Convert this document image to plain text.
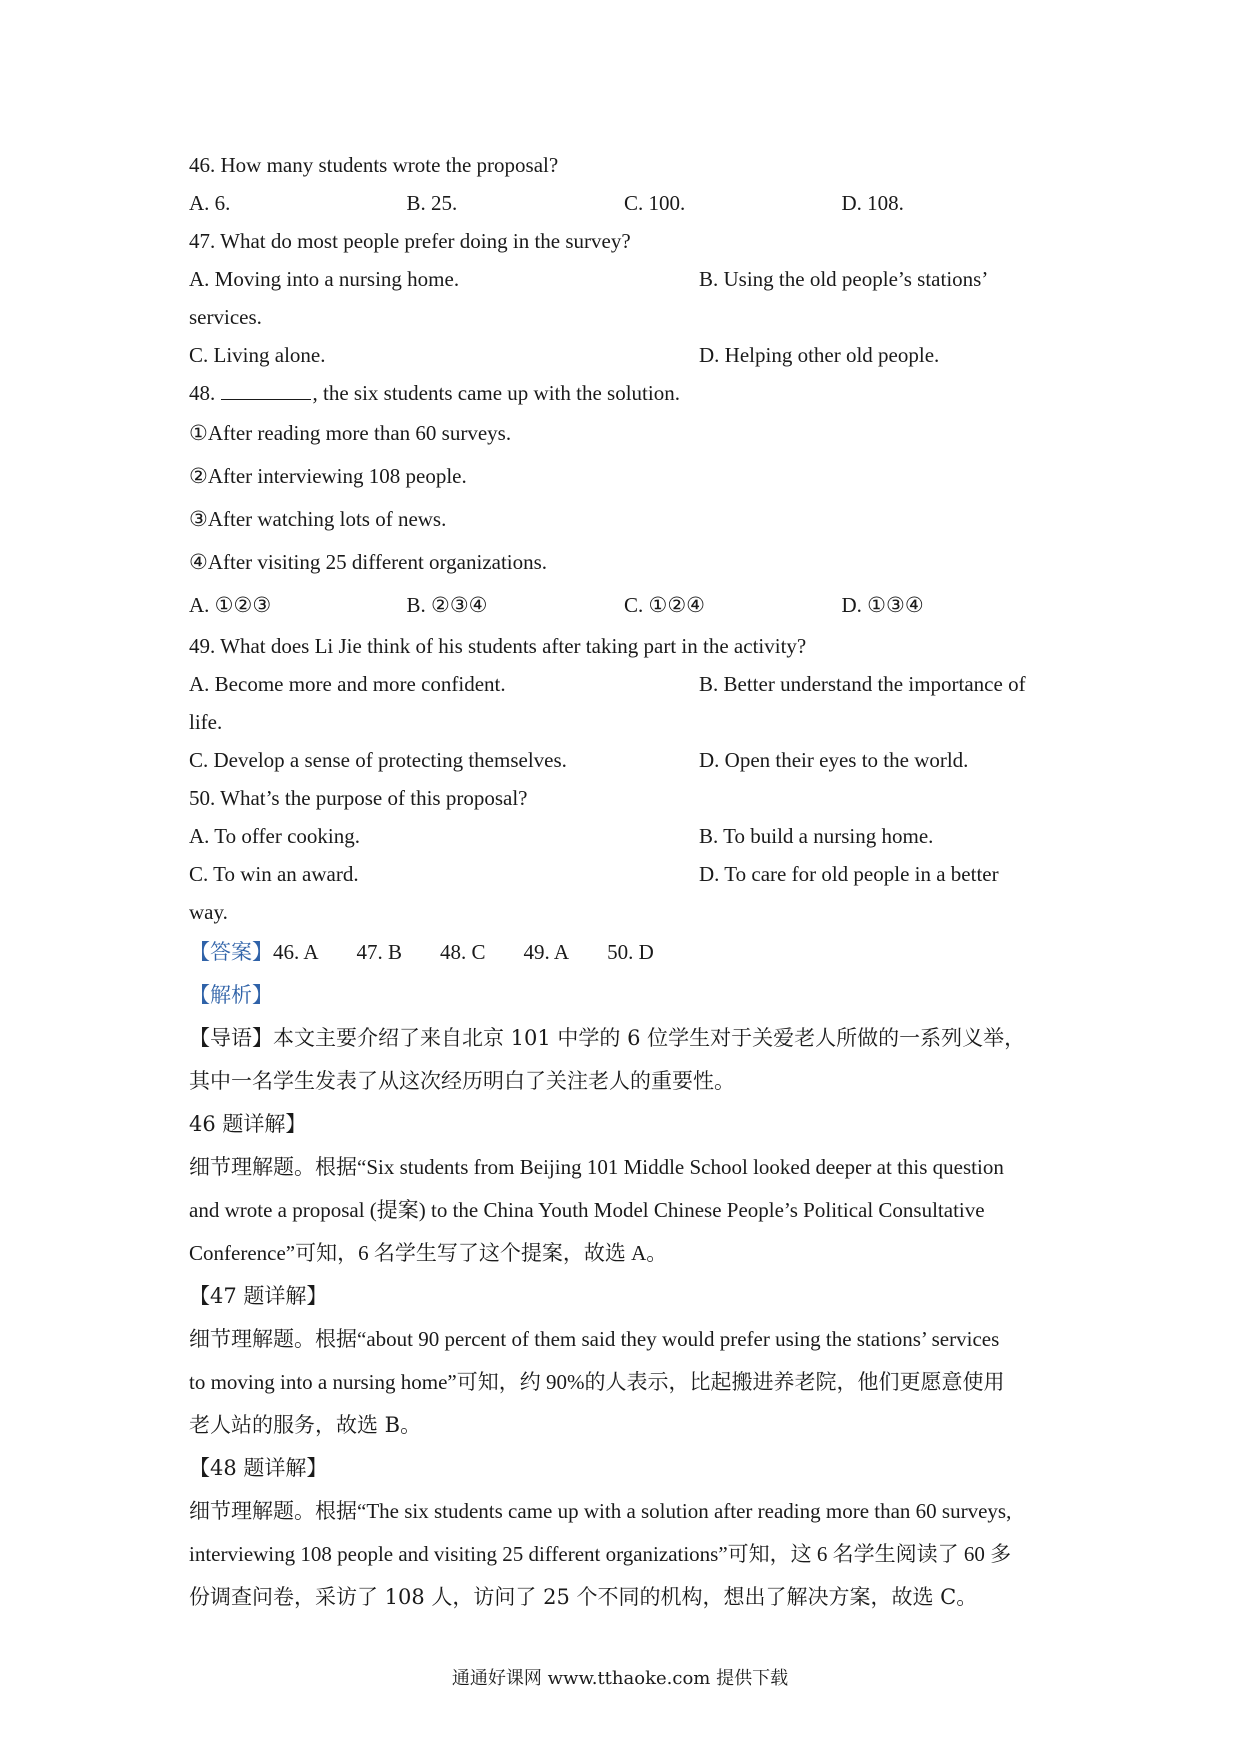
46. How many students wrote the proposal?
A. 6.	B. 25.	C. 100.	D. 108.
47. What do most people prefer doing in the survey?
A. Moving into a nursing home.	B. Using the old people’s stations’
services.
C. Living alone.	D. Helping other old people.
48.	, the six students came up with the solution.
①After reading more than 60 surveys.
②After interviewing 108 people.
③After watching lots of news.
④After visiting 25 different organizations.
A. ①②③	B. ②③④	C. ①②④	D. ①③④
49. What does Li Jie think of his students after taking part in the activity?
A. Become more and more confident.	B. Better understand the importance of
life.
C. Develop a sense of protecting themselves.	D. Open their eyes to the world.
50. What’s the purpose of this proposal?
A. To offer cooking.	B. To build a nursing home.
C. To win an award.	D. To care for old people in a better
way.
【答案】46. A 47. B 48. C 49. A 50. D
【解析】
【导语】本文主要介绍了来自北京 101 中学的 6 位学生对于关爱老人所做的一系列义举，
其中一名学生发表了从这次经历明白了关注老人的重要性。
46 题详解】
细节理解题。根据“Six students from Beijing 101 Middle School looked deeper at this question
and wrote a proposal (提案) to the China Youth Model Chinese People’s Political Consultative
Conference”可知，6 名学生写了这个提案，故选 A。
【47 题详解】
细节理解题。根据“about 90 percent of them said they would prefer using the stations’ services
to moving into a nursing home”可知，约 90%的人表示，比起搬进养老院，他们更愿意使用
老人站的服务，故选 B。
【48 题详解】
细节理解题。根据“The six students came up with a solution after reading more than 60 surveys,
interviewing 108 people and visiting 25 different organizations”可知，这 6 名学生阅读了 60 多
份调查问卷，采访了 108 人，访问了 25 个不同的机构，想出了解决方案，故选 C。
通通好课网 www.tthaoke.com 提供下载
